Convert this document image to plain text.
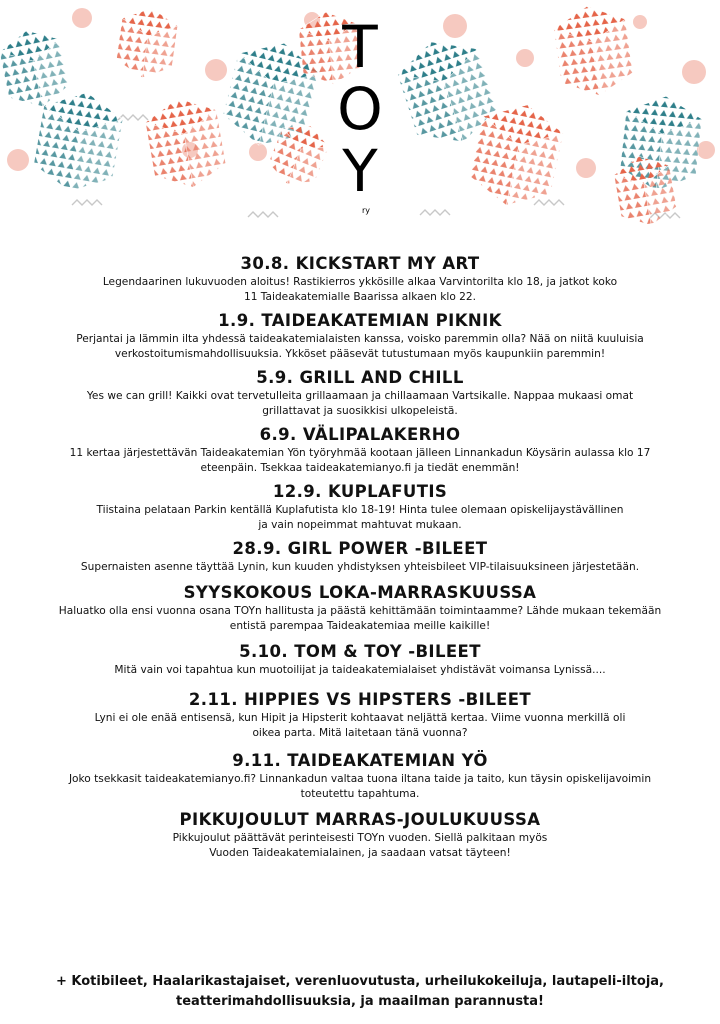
T
O
Y
ry
30.8. KICKSTART MY ART

Legendaarinen lukuvuoden aloitus! Rastikierros ykkösille alkaa Varvintorilta klo 18, ja jatkot koko
11 Taideakatemialle Baarissa alkaen klo 22.

1.9. TAIDEAKATEMIAN PIKNIK

Perjantai ja lämmin ilta yhdessä taideakatemialaisten kanssa, voisko paremmin olla? Nää on niitä kuuluisia
verkostoitumismahdollisuuksia. Ykköset pääsevät tutustumaan myös kaupunkiin paremmin!

5.9. GRILL AND CHILL

Yes we can grill! Kaikki ovat tervetulleita grillaamaan ja chillaamaan Vartsikalle. Nappaa mukaasi omat
grillattavat ja suosikkisi ulkopeleistä.

6.9. VÄLIPALAKERHO

11 kertaa järjestettävän Taideakatemian Yön työryhmää kootaan jälleen Linnankadun Köysärin aulassa klo 17
eteenpäin. Tsekkaa taideakatemianyo.fi ja tiedät enemmän!

12.9. KUPLAFUTIS

Tiistaina pelataan Parkin kentällä Kuplafutista klo 18-19! Hinta tulee olemaan opiskelijaystävällinen
ja vain nopeimmat mahtuvat mukaan.

28.9. GIRL POWER -BILEET

Supernaisten asenne täyttää Lynin, kun kuuden yhdistyksen yhteisbileet VIP-tilaisuuksineen järjestetään.

SYYSKOKOUS LOKA-MARRASKUUSSA

Haluatko olla ensi vuonna osana TOYn hallitusta ja päästä kehittämään toimintaamme? Lähde mukaan tekemään
entistä parempaa Taideakatemiaa meille kaikille!

5.10. TOM & TOY -BILEET

Mitä vain voi tapahtua kun muotoilijat ja taideakatemialaiset yhdistävät voimansa Lynissä....

2.11. HIPPIES VS HIPSTERS -BILEET

Lyni ei ole enää entisensä, kun Hipit ja Hipsterit kohtaavat neljättä kertaa. Viime vuonna merkillä oli
oikea parta. Mitä laitetaan tänä vuonna?

9.11. TAIDEAKATEMIAN YÖ

Joko tsekkasit taideakatemianyo.fi? Linnankadun valtaa tuona iltana taide ja taito, kun täysin opiskelijavoimin
toteutettu tapahtuma.

PIKKUJOULUT MARRAS-JOULUKUUSSA

Pikkujoulut päättävät perinteisesti TOYn vuoden. Siellä palkitaan myös
Vuoden Taideakatemialainen, ja saadaan vatsat täyteen!

+ Kotibileet, Haalarikastajaiset, verenluovutusta, urheilukokeiluja, lautapeli-iltoja,
teatterimahdollisuuksia, ja maailman parannusta!
